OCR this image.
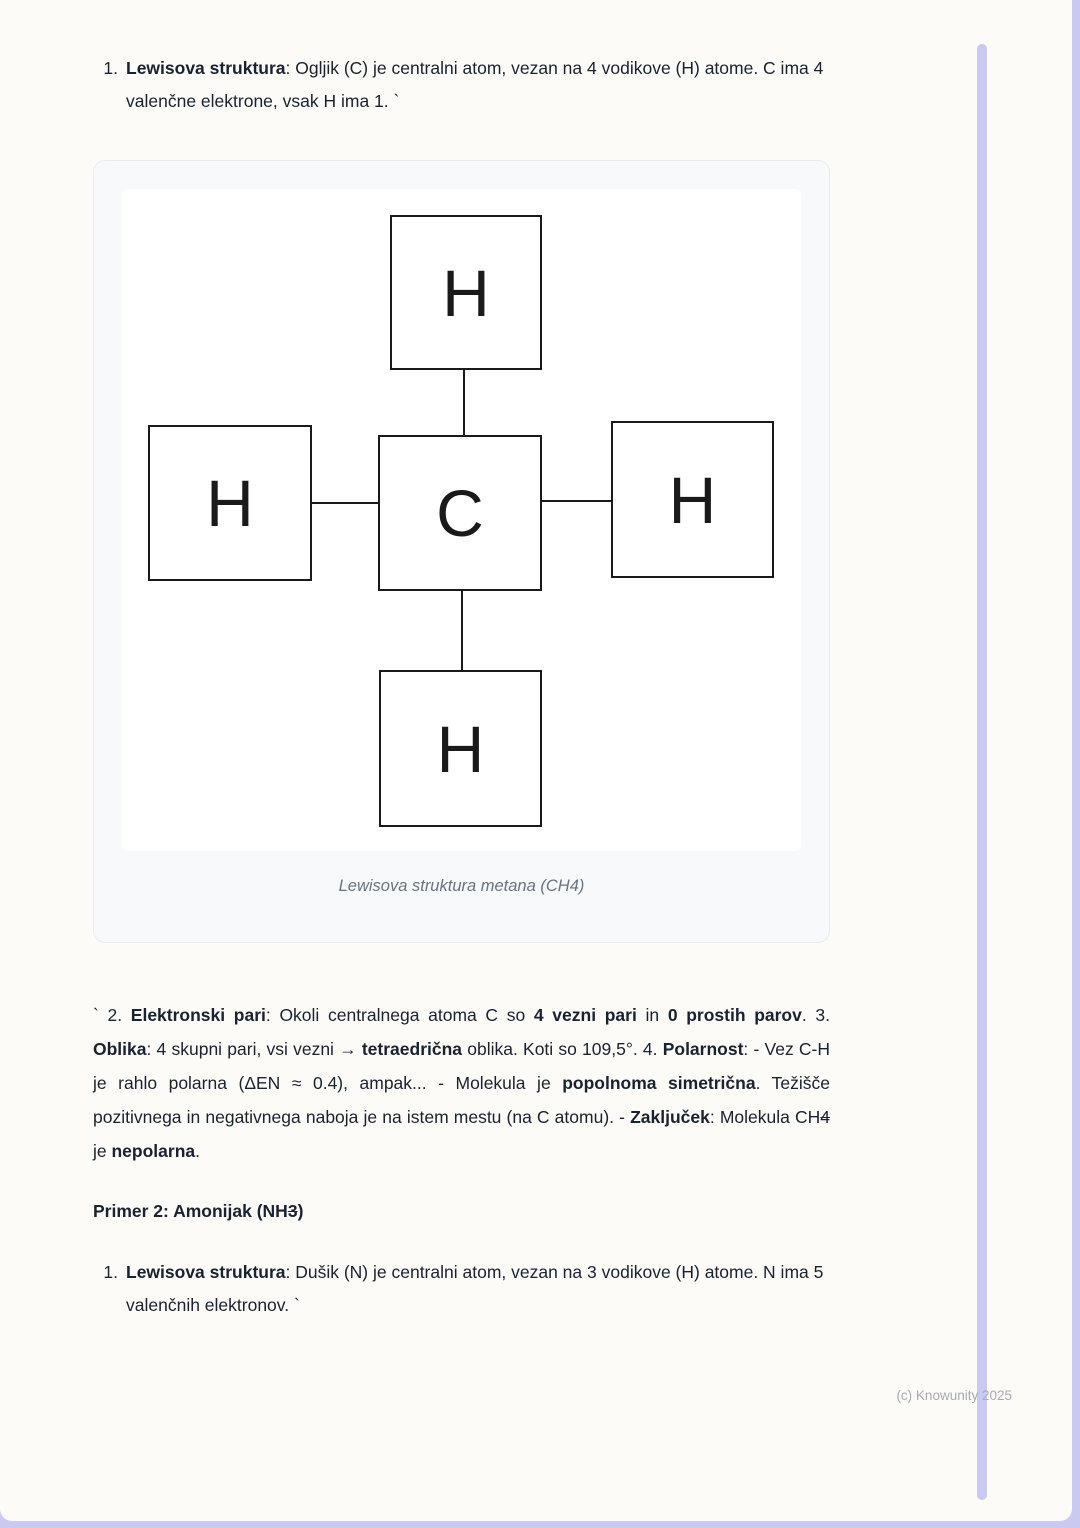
1. Lewisova struktura: Ogljik (C) je centralni atom, vezan na 4 vodikove (H) atome. C ima 4 valenčne elektrone, vsak H ima 1. `
H
H	C	H
H
Lewisova struktura metana (CH4)

` 2. Elektronski pari: Okoli centralnega atoma C so 4 vezni pari in 0 prostih parov. 3. Oblika: 4 skupni pari, vsi vezni → tetraedrična oblika. Koti so 109,5°. 4. Polarnost: - Vez C-H je rahlo polarna (ΔEN ≈ 0.4), ampak... - Molekula je popolnoma simetrična. Težišče pozitivnega in negativnega naboja je na istem mestu (na C atomu). - Zaključek: Molekula CH4 je nepolarna.

Primer 2: Amonijak (NH3)
1. Lewisova struktura: Dušik (N) je centralni atom, vezan na 3 vodikove (H) atome. N ima 5 valenčnih elektronov. `
(c) Knowunity 2025
